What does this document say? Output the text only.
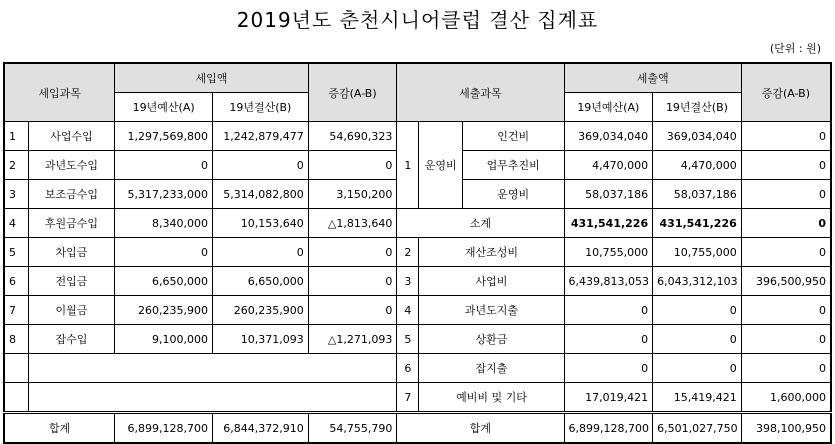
2019년도 춘천시니어클럽 결산 집계표
(단위 : 원)
세입과목		세입액		증감(A-B)	세출과목			세출액		증감(A-B)
		19년예산(A)	19년결산(B)					19년예산(A)	19년결산(B)	
1	사업수입	1,297,569,800	1,242,879,477	54,690,323	1	운영비	인건비	369,034,040	369,034,040	0
2	과년도수입	0	0	0			업무추진비	4,470,000	4,470,000	0
3	보조금수입	5,317,233,000	5,314,082,800	3,150,200			운영비	58,037,186	58,037,186	0
4	후원금수입	8,340,000	10,153,640	△1,813,640	소계			431,541,226	431,541,226	0
5	차입금	0	0	0	2	재산조성비		10,755,000	10,755,000	0
6	전입금	6,650,000	6,650,000	0	3	사업비		6,439,813,053	6,043,312,103	396,500,950
7	이월금	260,235,900	260,235,900	0	4	과년도지출		0	0	0
8	잡수입	9,100,000	10,371,093	△1,271,093	5	상환금		0	0	0
					6	잡지출		0	0	0
					7	예비비 및 기타		17,019,421	15,419,421	1,600,000
합계		6,899,128,700	6,844,372,910	54,755,790	합계			6,899,128,700	6,501,027,750	398,100,950
